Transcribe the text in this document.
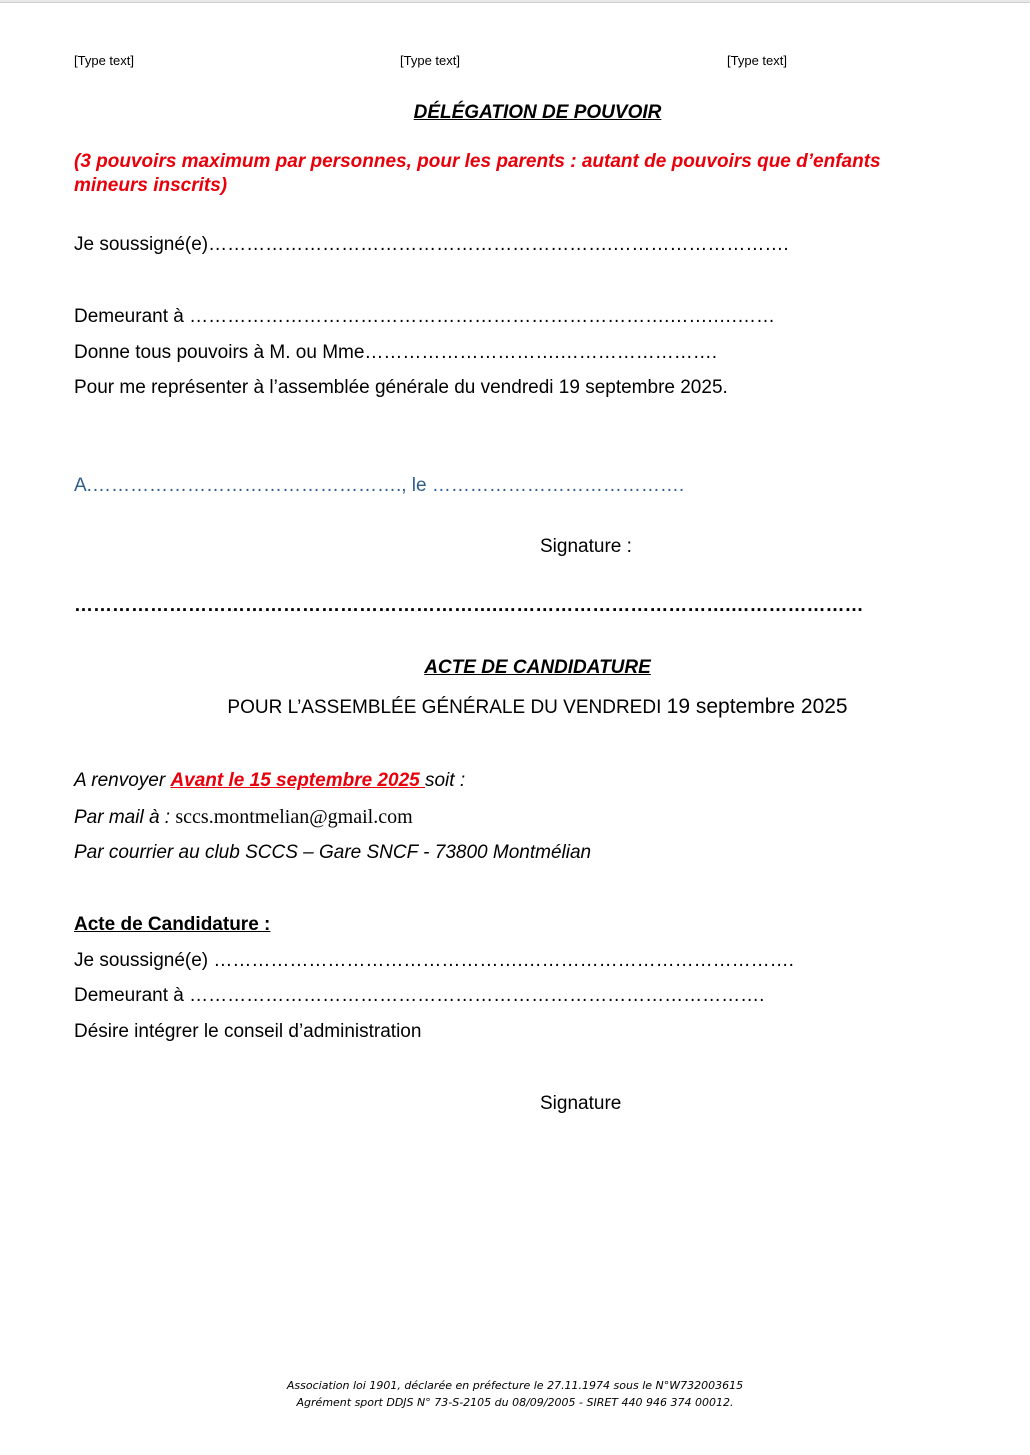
[Type text]	[Type text]	[Type text]
DÉLÉGATION DE POUVOIR
(3 pouvoirs maximum par personnes, pour les parents : autant de pouvoirs que d’enfants
mineurs inscrits)
Je soussigné(e)……………………………………………………….……………………….
Demeurant à ………………………………………………………………….…….….……
Donne tous pouvoirs à M. ou Mme………………………….…………………….
Pour me représenter à l’assemblée générale du vendredi 19 septembre 2025.
A.…………………………………………., le ………………………………….
Signature :
………………………………………………………….……………………………….…………………
ACTE DE CANDIDATURE
POUR L’ASSEMBLÉE GÉNÉRALE DU VENDREDI 19 septembre 2025
A renvoyer Avant le 15 septembre 2025 soit :
Par mail à : sccs.montmelian@gmail.com
Par courrier au club SCCS – Gare SNCF - 73800 Montmélian
Acte de Candidature :
Je soussigné(e) ………………………………………….…………………………………….
Demeurant à ……………………………………………………………………………….
Désire intégrer le conseil d’administration
Signature
Association loi 1901, déclarée en préfecture le 27.11.1974 sous le N°W732003615
Agrément sport DDJS N° 73-S-2105 du 08/09/2005 - SIRET 440 946 374 00012.
